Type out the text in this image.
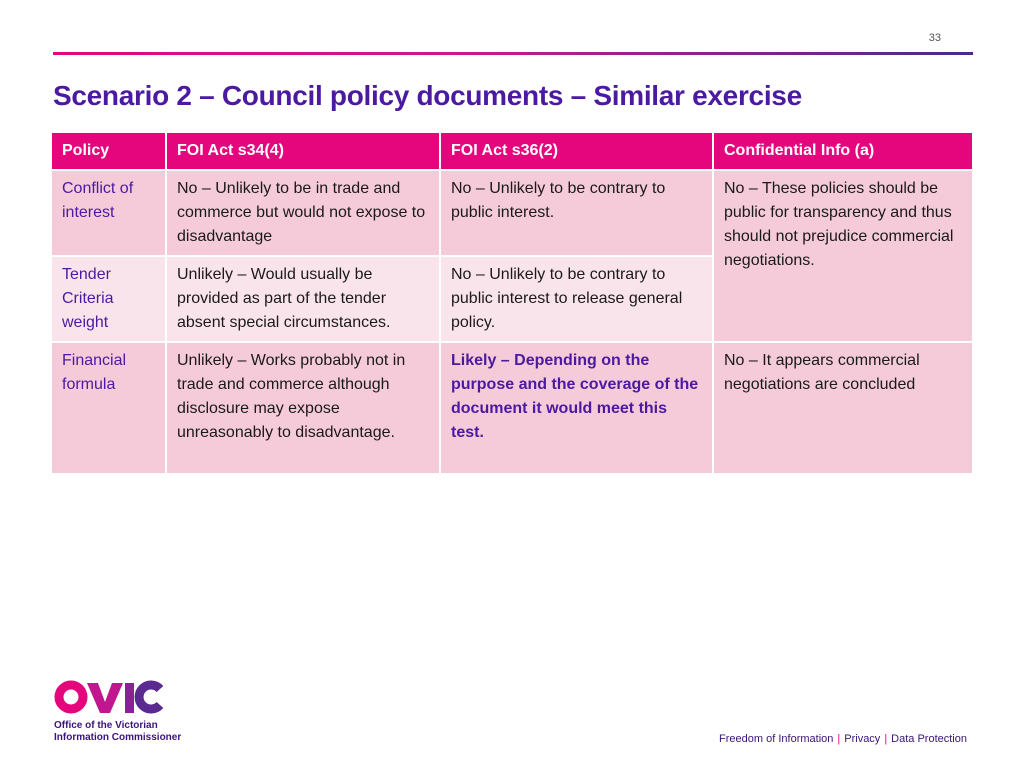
33
Scenario 2 – Council policy documents – Similar exercise
Policy	FOI Act s34(4)	FOI Act s36(2)	Confidential Info (a)
Conflict of interest	No – Unlikely to be in trade and commerce but would not expose to disadvantage	No – Unlikely to be contrary to public interest.	No – These policies should be public for transparency and thus should not prejudice commercial negotiations.
Tender Criteria weight	Unlikely – Would usually be provided as part of the tender absent special circumstances.	No – Unlikely to be contrary to public interest to release general policy.	
Financial formula	Unlikely – Works probably not in trade and commerce although disclosure may expose unreasonably to disadvantage.	Likely – Depending on the purpose and the coverage of the document it would meet this test.	No – It appears commercial negotiations are concluded
Office of the Victorian
Information Commissioner	Freedom of Information | Privacy | Data Protection
